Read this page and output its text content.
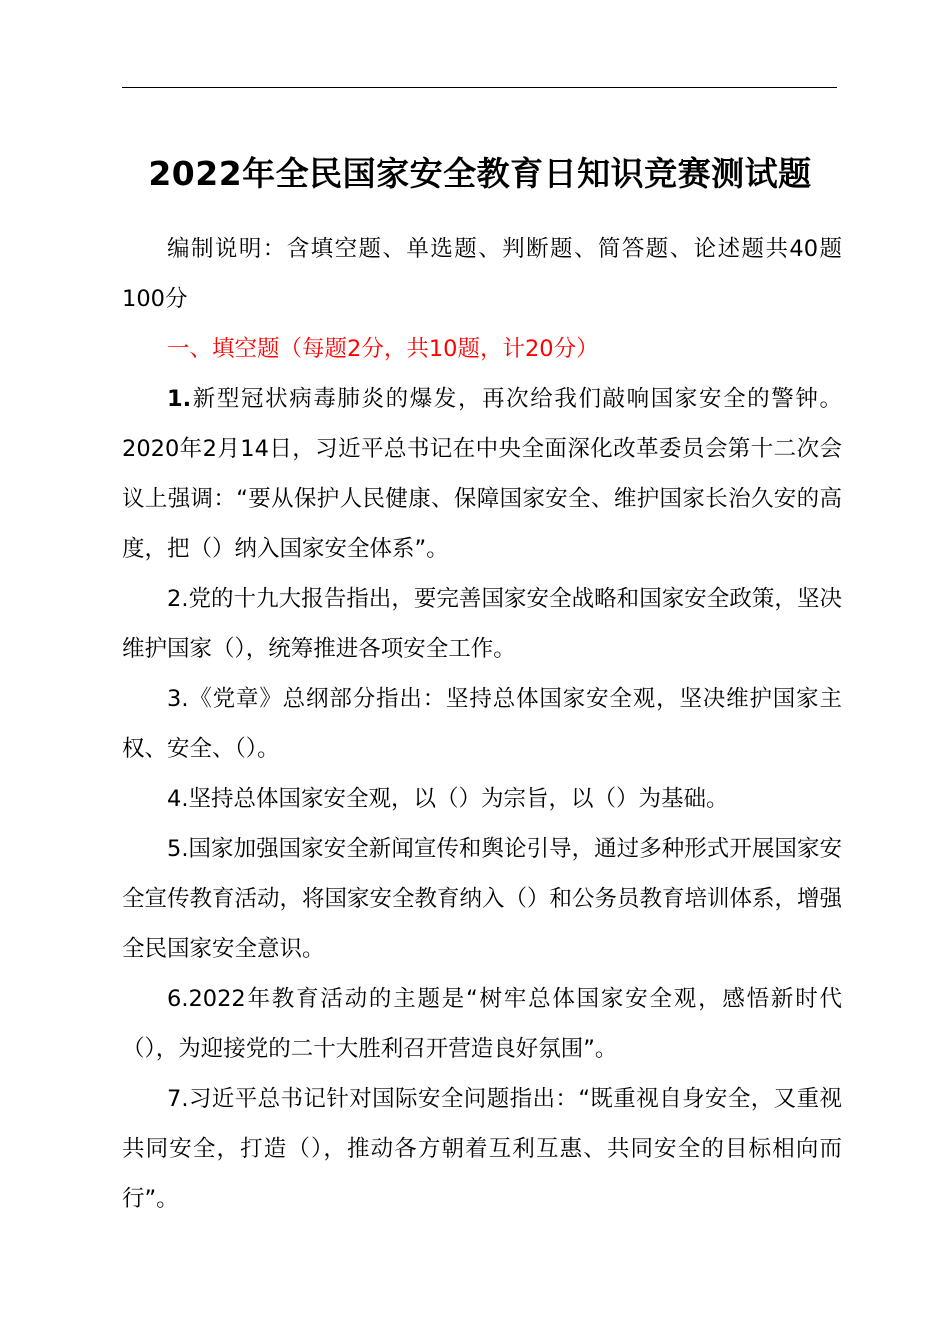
2022年全民国家安全教育日知识竞赛测试题

编制说明：含填空题、单选题、判断题、简答题、论述题共40题100分

一、填空题（每题2分，共10题，计20分）

1.新型冠状病毒肺炎的爆发，再次给我们敲响国家安全的警钟。2020年2月14日，习近平总书记在中央全面深化改革委员会第十二次会议上强调：“要从保护人民健康、保障国家安全、维护国家长治久安的高度，把（）纳入国家安全体系”。

2.党的十九大报告指出，要完善国家安全战略和国家安全政策，坚决维护国家（），统筹推进各项安全工作。

3.《党章》总纲部分指出：坚持总体国家安全观，坚决维护国家主权、安全、（）。

4.坚持总体国家安全观，以（）为宗旨，以（）为基础。

5.国家加强国家安全新闻宣传和舆论引导，通过多种形式开展国家安全宣传教育活动，将国家安全教育纳入（）和公务员教育培训体系，增强全民国家安全意识。

6.2022年教育活动的主题是“树牢总体国家安全观，感悟新时代（），为迎接党的二十大胜利召开营造良好氛围”。

7.习近平总书记针对国际安全问题指出：“既重视自身安全，又重视共同安全，打造（），推动各方朝着互利互惠、共同安全的目标相向而行”。
